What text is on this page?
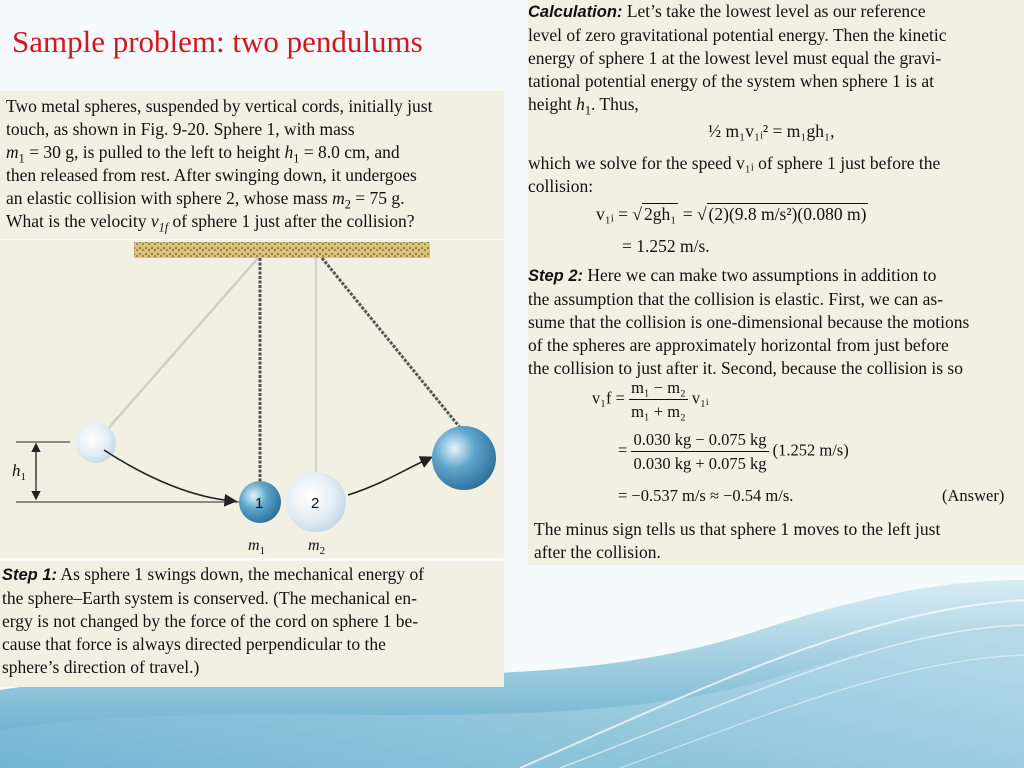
Sample problem: two pendulums
Two metal spheres, suspended by vertical cords, initially just
touch, as shown in Fig. 9-20. Sphere 1, with mass
$m_1 = 30$ g, is pulled to the left to height $h_1 = 8.0$ cm, and
then released from rest. After swinging down, it undergoes
an elastic collision with sphere 2, whose mass $m_2 = 75$ g.
What is the velocity $v_{1f}$ of sphere 1 just after the collision?
$h_1$
1	2
$m_1$	$m_2$
Step 1: As sphere 1 swings down, the mechanical energy of
the sphere–Earth system is conserved. (The mechanical en-
ergy is not changed by the force of the cord on sphere 1 be-
cause that force is always directed perpendicular to the
sphere’s direction of travel.)
Calculation: Let’s take the lowest level as our reference
level of zero gravitational potential energy. Then the kinetic
energy of sphere 1 at the lowest level must equal the gravi-
tational potential energy of the system when sphere 1 is at
height $h_1$. Thus,
½ m₁v₁ᵢ² = m₁gh₁,
which we solve for the speed v₁ᵢ of sphere 1 just before the
collision:
v₁ᵢ = √ 2gh₁ = √ (2)(9.8 m/s²)(0.080 m)
= 1.252 m/s.
Step 2: Here we can make two assumptions in addition to
the assumption that the collision is elastic. First, we can as-
sume that the collision is one-dimensional because the motions
of the spheres are approximately horizontal from just before
the collision to just after it. Second, because the collision is so
$v_1f = \frac{\text{m₁ − m₂}}{\text{m₁ + m₂}}$ v₁ᵢ
= $\frac{0.030 kg - 0.075 kg}{0.030 kg + 0.075 kg} (1.252$ m/s)
= −0.537 m/s ≈ −0.54 m/s.	(Answer)
The minus sign tells us that sphere 1 moves to the left just
after the collision.
